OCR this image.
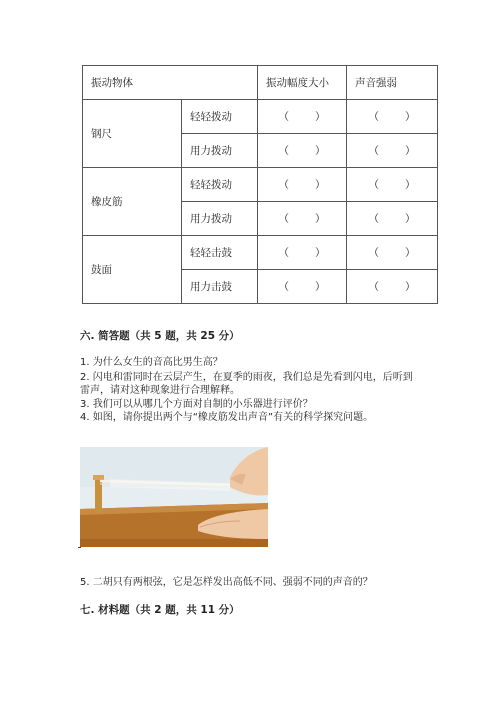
振动物体		振动幅度大小	声音强弱
钢尺	轻轻拨动	（ ）	（ ）
	用力拨动	（ ）	（ ）
橡皮筋	轻轻拨动	（ ）	（ ）
	用力拨动	（ ）	（ ）
鼓面	轻轻击鼓	（ ）	（ ）
	用力击鼓	（ ）	（ ）
六. 简答题（共 5 题，共 25 分）
1. 为什么女生的音高比男生高？
2. 闪电和雷同时在云层产生，在夏季的雨夜，我们总是先看到闪电，后听到雷声，请对这种现象进行合理解释。
3. 我们可以从哪几个方面对自制的小乐器进行评价？
4. 如图，请你提出两个与“橡皮筋发出声音”有关的科学探究问题。
5. 二胡只有两根弦，它是怎样发出高低不同、强弱不同的声音的？
七. 材料题（共 2 题，共 11 分）
